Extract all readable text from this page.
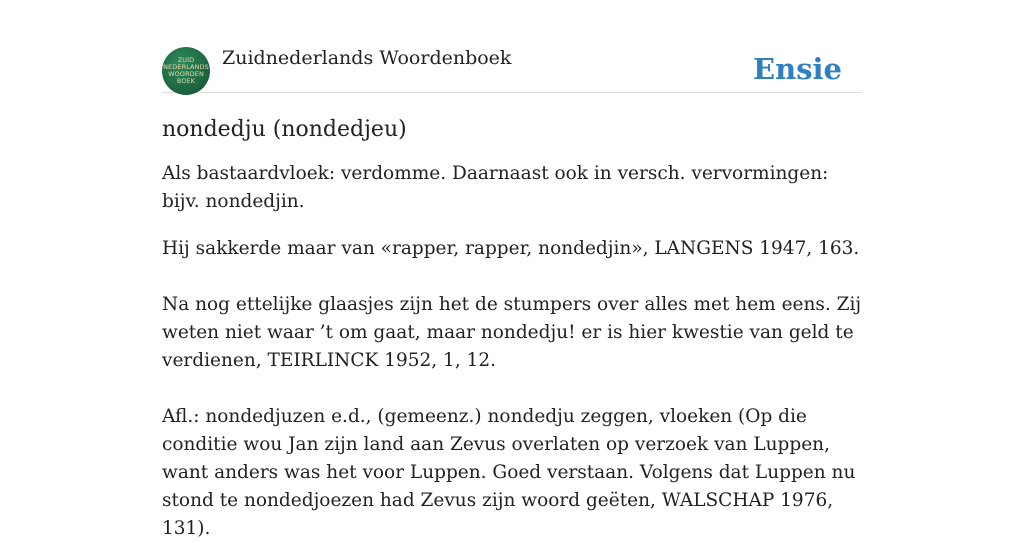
ZUID
NEDERLANDS
WOORDEN
BOEK
Zuidnederlands Woordenboek	Ensie
nondedju (nondedjeu)

Als bastaardvloek: verdomme. Daarnaast ook in versch. vervormingen: bijv. nondedjin.

Hij sakkerde maar van «rapper, rapper, nondedjin», LANGENS 1947, 163.

Na nog ettelijke glaasjes zijn het de stumpers over alles met hem eens. Zij weten niet waar ’t om gaat, maar nondedju! er is hier kwestie van geld te verdienen, TEIRLINCK 1952, 1, 12.

Afl.: nondedjuzen e.d., (gemeenz.) nondedju zeggen, vloeken (Op die conditie wou Jan zijn land aan Zevus overlaten op verzoek van Luppen, want anders was het voor Luppen. Goed verstaan. Volgens dat Luppen nu stond te nondedjoezen had Zevus zijn woord geëten, WALSCHAP 1976, 131).
